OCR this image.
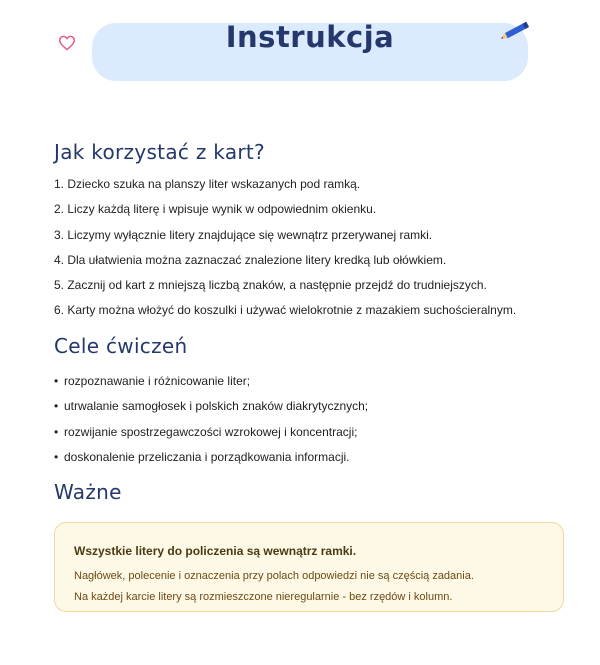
Instrukcja
Jak korzystać z kart?
1. Dziecko szuka na planszy liter wskazanych pod ramką.
2. Liczy każdą literę i wpisuje wynik w odpowiednim okienku.
3. Liczymy wyłącznie litery znajdujące się wewnątrz przerywanej ramki.
4. Dla ułatwienia można zaznaczać znalezione litery kredką lub ołówkiem.
5. Zacznij od kart z mniejszą liczbą znaków, a następnie przejdź do trudniejszych.
6. Karty można włożyć do koszulki i używać wielokrotnie z mazakiem suchościeralnym.
Cele ćwiczeń
• rozpoznawanie i różnicowanie liter;
• utrwalanie samogłosek i polskich znaków diakrytycznych;
• rozwijanie spostrzegawczości wzrokowej i koncentracji;
• doskonalenie przeliczania i porządkowania informacji.
Ważne
Wszystkie litery do policzenia są wewnątrz ramki.
Nagłówek, polecenie i oznaczenia przy polach odpowiedzi nie są częścią zadania.
Na każdej karcie litery są rozmieszczone nieregularnie - bez rzędów i kolumn.
